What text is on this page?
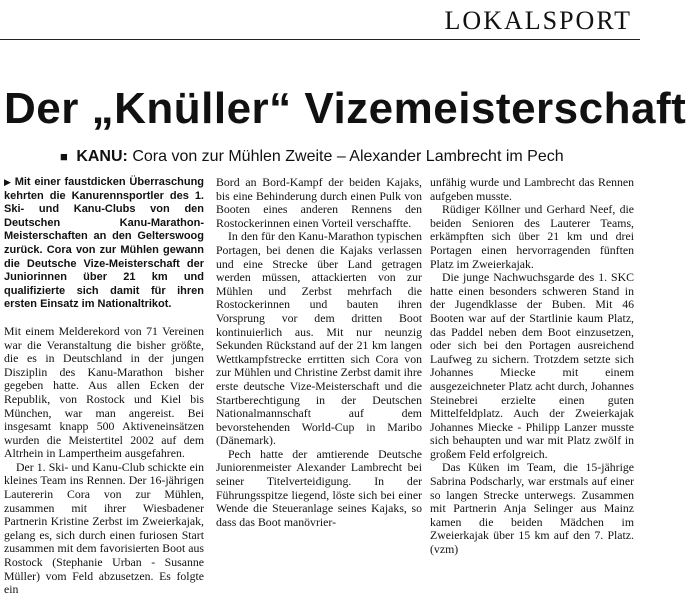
LOKALSPORT
Der „Knüller“ Vizemeisterschaft
■ KANU: Cora von zur Mühlen Zweite – Alexander Lambrecht im Pech

▶ Mit einer faustdicken Überraschung kehrten die Kanurennsportler des 1. Ski- und Kanu-Clubs von den Deutschen Kanu-Marathon-Meisterschaften an den Gelterswoog zurück. Cora von zur Mühlen gewann die Deutsche Vize-Meisterschaft der Juniorinnen über 21 km und qualifizierte sich damit für ihren ersten Einsatz im Nationaltrikot.

Mit einem Melderekord von 71 Vereinen war die Veranstaltung die bisher größte, die es in Deutschland in der jungen Disziplin des Kanu-Marathon bisher gegeben hatte. Aus allen Ecken der Republik, von Rostock und Kiel bis München, war man angereist. Bei insgesamt knapp 500 Aktiveneinsätzen wurden die Meistertitel 2002 auf dem Altrhein in Lampertheim ausgefahren.

Der 1. Ski- und Kanu-Club schickte ein kleines Team ins Rennen. Der 16-jährigen Lautererin Cora von zur Mühlen, zusammen mit ihrer Wiesbadener Partnerin Kristine Zerbst im Zweierkajak, gelang es, sich durch einen furiosen Start zusammen mit dem favorisierten Boot aus Rostock (Stephanie Urban - Susanne Müller) vom Feld abzusetzen. Es folgte ein

Bord an Bord-Kampf der beiden Kajaks, bis eine Behinderung durch einen Pulk von Booten eines anderen Rennens den Rostockerinnen einen Vorteil verschaffte.

In den für den Kanu-Marathon typischen Portagen, bei denen die Kajaks verlassen und eine Strecke über Land getragen werden müssen, attackierten von zur Mühlen und Zerbst mehrfach die Rostockerinnen und bauten ihren Vorsprung vor dem dritten Boot kontinuierlich aus. Mit nur neunzig Sekunden Rückstand auf der 21 km langen Wettkampfstrecke errtitten sich Cora von zur Mühlen und Christine Zerbst damit ihre erste deutsche Vize-Meisterschaft und die Startberechtigung in der Deutschen Nationalmannschaft auf dem bevorstehenden World-Cup in Maribo (Dänemark).

Pech hatte der amtierende Deutsche Juniorenmeister Alexander Lambrecht bei seiner Titelverteidigung. In der Führungsspitze liegend, löste sich bei einer Wende die Steueranlage seines Kajaks, so dass das Boot manövrier-

unfähig wurde und Lambrecht das Rennen aufgeben musste.

Rüdiger Köllner und Gerhard Neef, die beiden Senioren des Lauterer Teams, erkämpften sich über 21 km und drei Portagen einen hervorragenden fünften Platz im Zweierkajak.

Die junge Nachwuchsgarde des 1. SKC hatte einen besonders schweren Stand in der Jugendklasse der Buben. Mit 46 Booten war auf der Startlinie kaum Platz, das Paddel neben dem Boot einzusetzen, oder sich bei den Portagen ausreichend Laufweg zu sichern. Trotzdem setzte sich Johannes Miecke mit einem ausgezeichneter Platz acht durch, Johannes Steinebrei erzielte einen guten Mittelfeldplatz. Auch der Zweierkajak Johannes Miecke - Philipp Lanzer musste sich behaupten und war mit Platz zwölf in großem Feld erfolgreich.

Das Küken im Team, die 15-jährige Sabrina Podscharly, war erstmals auf einer so langen Strecke unterwegs. Zusammen mit Partnerin Anja Selinger aus Mainz kamen die beiden Mädchen im Zweierkajak über 15 km auf den 7. Platz. (vzm)
